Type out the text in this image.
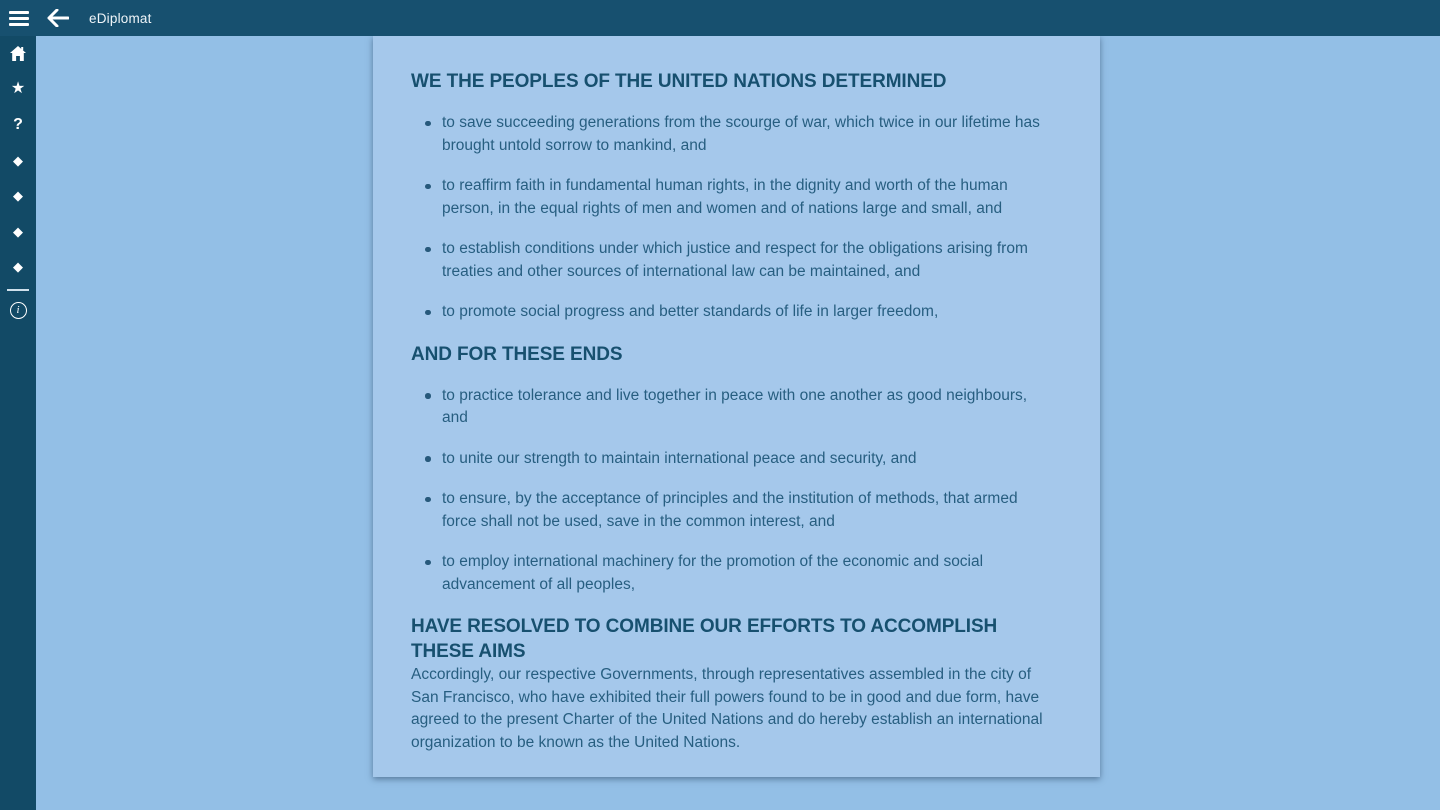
eDiplomat
★
?
◆
◆
◆
◆
i
WE THE PEOPLES OF THE UNITED NATIONS DETERMINED
to save succeeding generations from the scourge of war, which twice in our lifetime has brought untold sorrow to mankind, and
to reaffirm faith in fundamental human rights, in the dignity and worth of the human person, in the equal rights of men and women and of nations large and small, and
to establish conditions under which justice and respect for the obligations arising from treaties and other sources of international law can be maintained, and
to promote social progress and better standards of life in larger freedom,
AND FOR THESE ENDS
to practice tolerance and live together in peace with one another as good neighbours, and
to unite our strength to maintain international peace and security, and
to ensure, by the acceptance of principles and the institution of methods, that armed force shall not be used, save in the common interest, and
to employ international machinery for the promotion of the economic and social advancement of all peoples,
HAVE RESOLVED TO COMBINE OUR EFFORTS TO ACCOMPLISH THESE AIMS

Accordingly, our respective Governments, through representatives assembled in the city of San Francisco, who have exhibited their full powers found to be in good and due form, have agreed to the present Charter of the United Nations and do hereby establish an international organization to be known as the United Nations.
